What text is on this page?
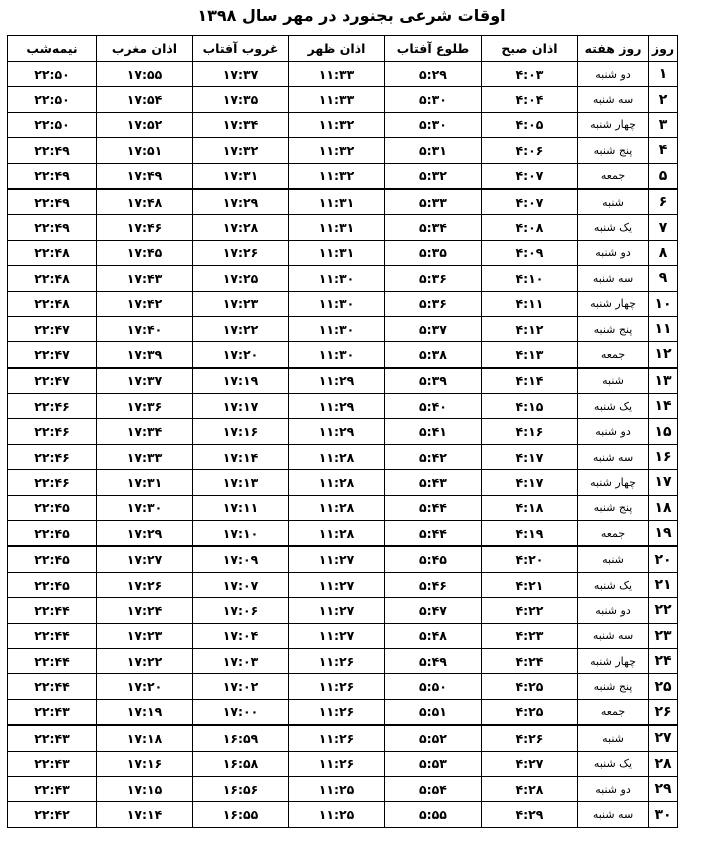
اوقات شرعی بجنورد در مهر سال ۱۳۹۸
روز	روز هفته	اذان صبح	طلوع آفتاب	اذان ظهر	غروب آفتاب	اذان مغرب	نیمه‌شب
۱	دو شنبه	۴:۰۳	۵:۲۹	۱۱:۳۳	۱۷:۳۷	۱۷:۵۵	۲۲:۵۰
۲	سه شنبه	۴:۰۴	۵:۳۰	۱۱:۳۳	۱۷:۳۵	۱۷:۵۴	۲۲:۵۰
۳	چهار شنبه	۴:۰۵	۵:۳۰	۱۱:۳۲	۱۷:۳۴	۱۷:۵۲	۲۲:۵۰
۴	پنج شنبه	۴:۰۶	۵:۳۱	۱۱:۳۲	۱۷:۳۲	۱۷:۵۱	۲۲:۴۹
۵	جمعه	۴:۰۷	۵:۳۲	۱۱:۳۲	۱۷:۳۱	۱۷:۴۹	۲۲:۴۹
۶	شنبه	۴:۰۷	۵:۳۳	۱۱:۳۱	۱۷:۲۹	۱۷:۴۸	۲۲:۴۹
۷	یک شنبه	۴:۰۸	۵:۳۴	۱۱:۳۱	۱۷:۲۸	۱۷:۴۶	۲۲:۴۹
۸	دو شنبه	۴:۰۹	۵:۳۵	۱۱:۳۱	۱۷:۲۶	۱۷:۴۵	۲۲:۴۸
۹	سه شنبه	۴:۱۰	۵:۳۶	۱۱:۳۰	۱۷:۲۵	۱۷:۴۳	۲۲:۴۸
۱۰	چهار شنبه	۴:۱۱	۵:۳۶	۱۱:۳۰	۱۷:۲۳	۱۷:۴۲	۲۲:۴۸
۱۱	پنج شنبه	۴:۱۲	۵:۳۷	۱۱:۳۰	۱۷:۲۲	۱۷:۴۰	۲۲:۴۷
۱۲	جمعه	۴:۱۳	۵:۳۸	۱۱:۳۰	۱۷:۲۰	۱۷:۳۹	۲۲:۴۷
۱۳	شنبه	۴:۱۴	۵:۳۹	۱۱:۲۹	۱۷:۱۹	۱۷:۳۷	۲۲:۴۷
۱۴	یک شنبه	۴:۱۵	۵:۴۰	۱۱:۲۹	۱۷:۱۷	۱۷:۳۶	۲۲:۴۶
۱۵	دو شنبه	۴:۱۶	۵:۴۱	۱۱:۲۹	۱۷:۱۶	۱۷:۳۴	۲۲:۴۶
۱۶	سه شنبه	۴:۱۷	۵:۴۲	۱۱:۲۸	۱۷:۱۴	۱۷:۳۳	۲۲:۴۶
۱۷	چهار شنبه	۴:۱۷	۵:۴۳	۱۱:۲۸	۱۷:۱۳	۱۷:۳۱	۲۲:۴۶
۱۸	پنج شنبه	۴:۱۸	۵:۴۴	۱۱:۲۸	۱۷:۱۱	۱۷:۳۰	۲۲:۴۵
۱۹	جمعه	۴:۱۹	۵:۴۴	۱۱:۲۸	۱۷:۱۰	۱۷:۲۹	۲۲:۴۵
۲۰	شنبه	۴:۲۰	۵:۴۵	۱۱:۲۷	۱۷:۰۹	۱۷:۲۷	۲۲:۴۵
۲۱	یک شنبه	۴:۲۱	۵:۴۶	۱۱:۲۷	۱۷:۰۷	۱۷:۲۶	۲۲:۴۵
۲۲	دو شنبه	۴:۲۲	۵:۴۷	۱۱:۲۷	۱۷:۰۶	۱۷:۲۴	۲۲:۴۴
۲۳	سه شنبه	۴:۲۳	۵:۴۸	۱۱:۲۷	۱۷:۰۴	۱۷:۲۳	۲۲:۴۴
۲۴	چهار شنبه	۴:۲۴	۵:۴۹	۱۱:۲۶	۱۷:۰۳	۱۷:۲۲	۲۲:۴۴
۲۵	پنج شنبه	۴:۲۵	۵:۵۰	۱۱:۲۶	۱۷:۰۲	۱۷:۲۰	۲۲:۴۴
۲۶	جمعه	۴:۲۵	۵:۵۱	۱۱:۲۶	۱۷:۰۰	۱۷:۱۹	۲۲:۴۳
۲۷	شنبه	۴:۲۶	۵:۵۲	۱۱:۲۶	۱۶:۵۹	۱۷:۱۸	۲۲:۴۳
۲۸	یک شنبه	۴:۲۷	۵:۵۳	۱۱:۲۶	۱۶:۵۸	۱۷:۱۶	۲۲:۴۳
۲۹	دو شنبه	۴:۲۸	۵:۵۴	۱۱:۲۵	۱۶:۵۶	۱۷:۱۵	۲۲:۴۳
۳۰	سه شنبه	۴:۲۹	۵:۵۵	۱۱:۲۵	۱۶:۵۵	۱۷:۱۴	۲۲:۴۲
